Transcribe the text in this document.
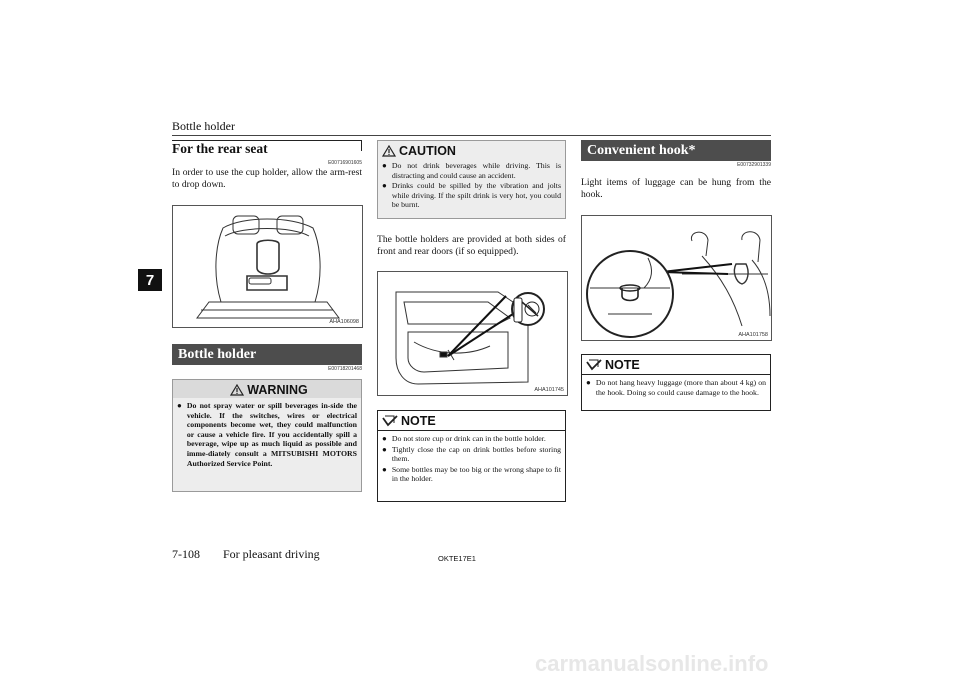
Bottle holder
7
For the rear seat
E00716901605
In order to use the cup holder, allow the arm-rest to drop down.
AHA106098
Bottle holder
E00718201468
WARNING
● Do not spray water or spill beverages in-side the vehicle. If the switches, wires or electrical components become wet, they could malfunction or cause a vehicle fire. If you accidentally spill a beverage, wipe up as much liquid as possible and imme-diately consult a MITSUBISHI MOTORS Authorized Service Point.
CAUTION
● Do not drink beverages while driving. This is distracting and could cause an accident.
● Drinks could be spilled by the vibration and jolts while driving. If the spilt drink is very hot, you could be burnt.
The bottle holders are provided at both sides of front and rear doors (if so equipped).
AHA101745
NOTE
● Do not store cup or drink can in the bottle holder.
● Tightly close the cap on drink bottles before storing them.
● Some bottles may be too big or the wrong shape to fit in the holder.
Convenient hook*
E00732901339
Light items of luggage can be hung from the hook.
AHA101758
NOTE
● Do not hang heavy luggage (more than about 4 kg) on the hook. Doing so could cause damage to the hook.
7-108 For pleasant driving	OKTE17E1
carmanualsonline.info
